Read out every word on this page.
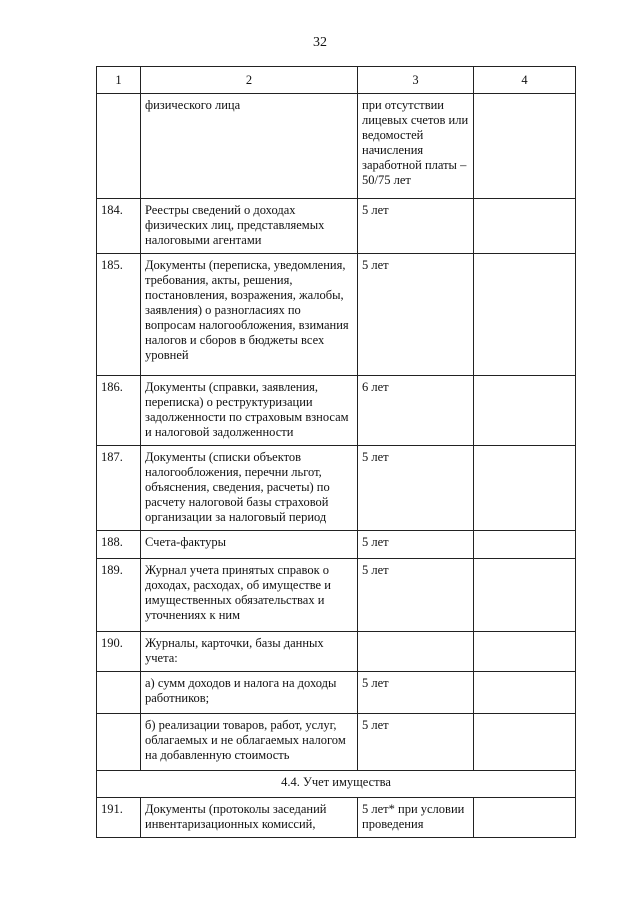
32
1	2	3	4
	физического лица	при отсутствии лицевых счетов или ведомостей начисления заработной платы – 50/75 лет	
184.	Реестры сведений о доходах физических лиц, представляемых налоговыми агентами	5 лет	
185.	Документы (переписка, уведомления, требования, акты, решения, постановления, возражения, жалобы, заявления) о разногласиях по вопросам налогообложения, взимания налогов и сборов в бюджеты всех уровней	5 лет	
186.	Документы (справки, заявления, переписка) о реструктуризации задолженности по страховым взносам и налоговой задолженности	6 лет	
187.	Документы (списки объектов налогообложения, перечни льгот, объяснения, сведения, расчеты) по расчету налоговой базы страховой организации за налоговый период	5 лет	
188.	Счета-фактуры	5 лет	
189.	Журнал учета принятых справок о доходах, расходах, об имуществе и имущественных обязательствах и уточнениях к ним	5 лет	
190.	Журналы, карточки, базы данных учета:		
	а) сумм доходов и налога на доходы работников;	5 лет	
	б) реализации товаров, работ, услуг, облагаемых и не облагаемых налогом на добавленную стоимость	5 лет	
4.4. Учет имущества			
191.	Документы (протоколы заседаний инвентаризационных комиссий,	5 лет* при условии проведения	
